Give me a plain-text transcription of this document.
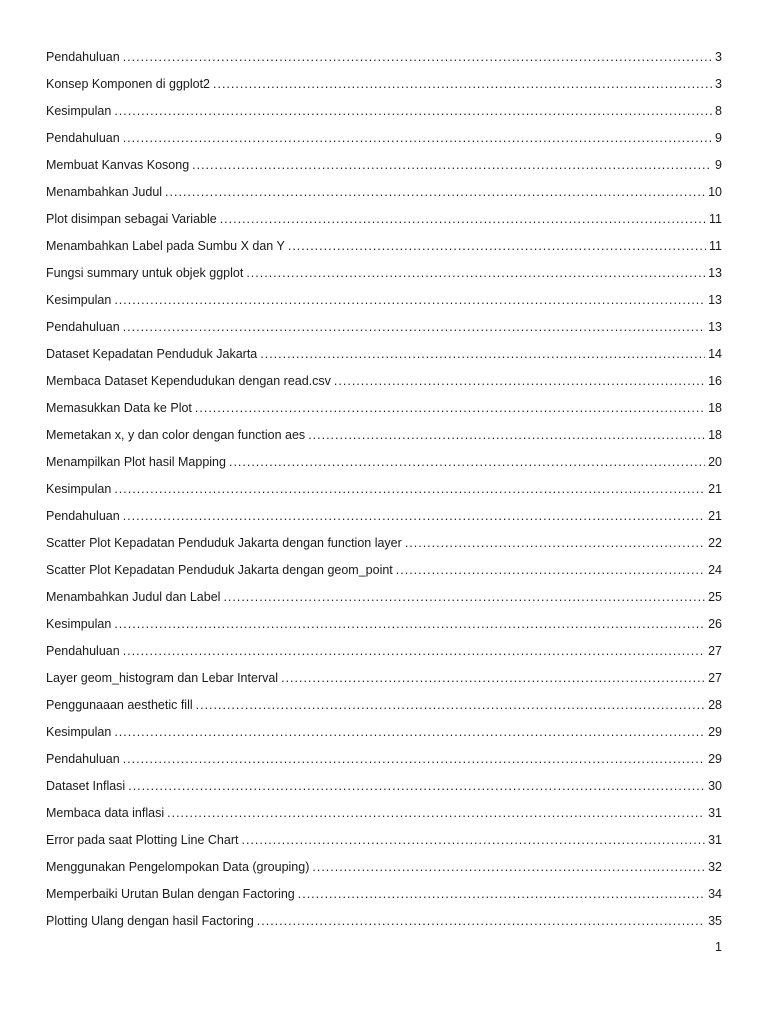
Pendahuluan .....	3
Konsep Komponen di ggplot2 .....	3
Kesimpulan .....	8
Pendahuluan .....	9
Membuat Kanvas Kosong .....	9
Menambahkan Judul .....	10
Plot disimpan sebagai Variable .....	11
Menambahkan Label pada Sumbu X dan Y .....	11
Fungsi summary untuk objek ggplot .....	13
Kesimpulan .....	13
Pendahuluan .....	13
Dataset Kepadatan Penduduk Jakarta .....	14
Membaca Dataset Kependudukan dengan read.csv .....	16
Memasukkan Data ke Plot .....	18
Memetakan x, y dan color dengan function aes .....	18
Menampilkan Plot hasil Mapping .....	20
Kesimpulan .....	21
Pendahuluan .....	21
Scatter Plot Kepadatan Penduduk Jakarta dengan function layer .....	22
Scatter Plot Kepadatan Penduduk Jakarta dengan geom_point .....	24
Menambahkan Judul dan Label .....	25
Kesimpulan .....	26
Pendahuluan .....	27
Layer geom_histogram dan Lebar Interval .....	27
Penggunaaan aesthetic fill .....	28
Kesimpulan .....	29
Pendahuluan .....	29
Dataset Inflasi .....	30
Membaca data inflasi .....	31
Error pada saat Plotting Line Chart .....	31
Menggunakan Pengelompokan Data (grouping) .....	32
Memperbaiki Urutan Bulan dengan Factoring .....	34
Plotting Ulang dengan hasil Factoring .....	35
1
